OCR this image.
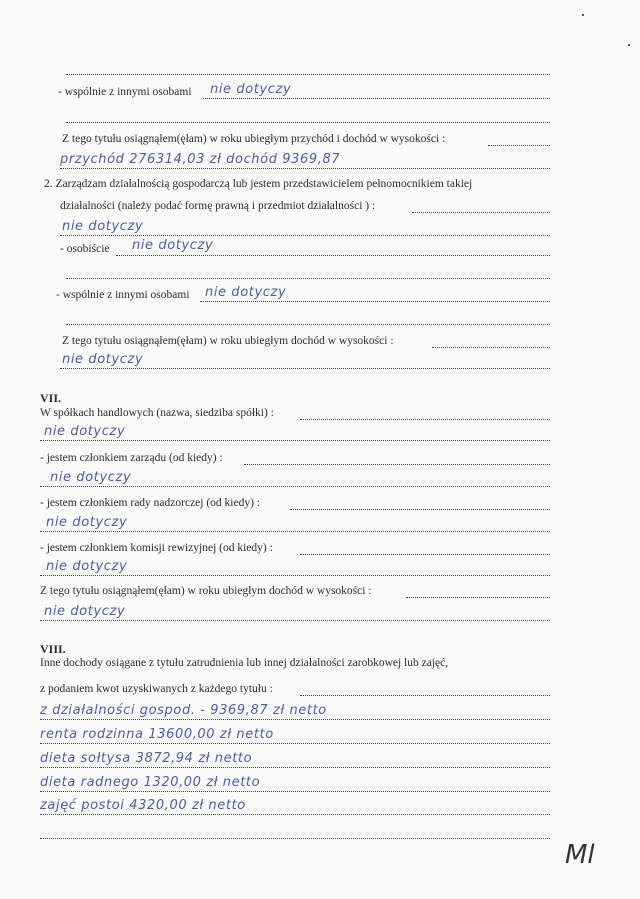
- wspólnie z innymi osobami nie dotyczy
Z tego tytułu osiągnąłem(ęłam) w roku ubiegłym przychód i dochód w wysokości :
przychód 276314,03 zł dochód 9369,87
2. Zarządzam działalnością gospodarczą lub jestem przedstawicielem pełnomocnikiem takiej
działalności (należy podać formę prawną i przedmiot działalności ) :
nie dotyczy
- osobiście nie dotyczy
- wspólnie z innymi osobami nie dotyczy
Z tego tytułu osiągnąłem(ęłam) w roku ubiegłym dochód w wysokości :
nie dotyczy
VII.
W spółkach handlowych (nazwa, siedziba spółki) :
nie dotyczy
- jestem członkiem zarządu (od kiedy) :
nie dotyczy
- jestem członkiem rady nadzorczej (od kiedy) :
nie dotyczy
- jestem członkiem komisji rewizyjnej (od kiedy) :
nie dotyczy
Z tego tytułu osiągnąłem(ęłam) w roku ubiegłym dochód w wysokości :
nie dotyczy
VIII.
Inne dochody osiągane z tytułu zatrudnienia lub innej działalności zarobkowej lub zajęć,
z podaniem kwot uzyskiwanych z każdego tytułu :
z działalności gospod. - 9369,87 zł netto
renta rodzinna 13600,00 zł netto
dieta sołtysa 3872,94 zł netto
dieta radnego 1320,00 zł netto
zajęć postoi 4320,00 zł netto
Ml
